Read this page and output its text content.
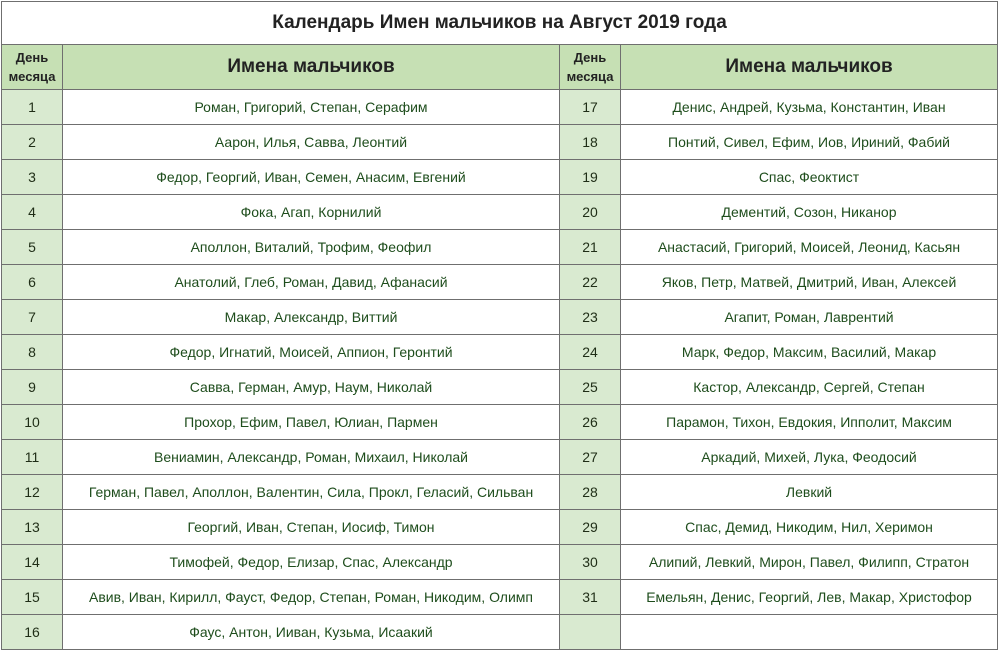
Календарь Имен мальчиков на Август 2019 года			
День
месяца	Имена мальчиков	День
месяца	Имена мальчиков
1	Роман, Григорий, Степан, Серафим	17	Денис, Андрей, Кузьма, Константин, Иван
2	Аарон, Илья, Савва, Леонтий	18	Понтий, Сивел, Ефим, Иов, Ириний, Фабий
3	Федор, Георгий, Иван, Семен, Анасим, Евгений	19	Спас, Феоктист
4	Фока, Агап, Корнилий	20	Дементий, Созон, Никанор
5	Аполлон, Виталий, Трофим, Феофил	21	Анастасий, Григорий, Моисей, Леонид, Касьян
6	Анатолий, Глеб, Роман, Давид, Афанасий	22	Яков, Петр, Матвей, Дмитрий, Иван, Алексей
7	Макар, Александр, Виттий	23	Агапит, Роман, Лаврентий
8	Федор, Игнатий, Моисей, Аппион, Геронтий	24	Марк, Федор, Максим, Василий, Макар
9	Савва, Герман, Амур, Наум, Николай	25	Кастор, Александр, Сергей, Степан
10	Прохор, Ефим, Павел, Юлиан, Пармен	26	Парамон, Тихон, Евдокия, Ипполит, Максим
11	Вениамин, Александр, Роман, Михаил, Николай	27	Аркадий, Михей, Лука, Феодосий
12	Герман, Павел, Аполлон, Валентин, Сила, Прокл, Геласий, Сильван	28	Левкий
13	Георгий, Иван, Степан, Иосиф, Тимон	29	Спас, Демид, Никодим, Нил, Херимон
14	Тимофей, Федор, Елизар, Спас, Александр	30	Алипий, Левкий, Мирон, Павел, Филипп, Стратон
15	Авив, Иван, Кирилл, Фауст, Федор, Степан, Роман, Никодим, Олимп	31	Емельян, Денис, Георгий, Лев, Макар, Христофор
16	Фаус, Антон, Ииван, Кузьма, Исаакий		
